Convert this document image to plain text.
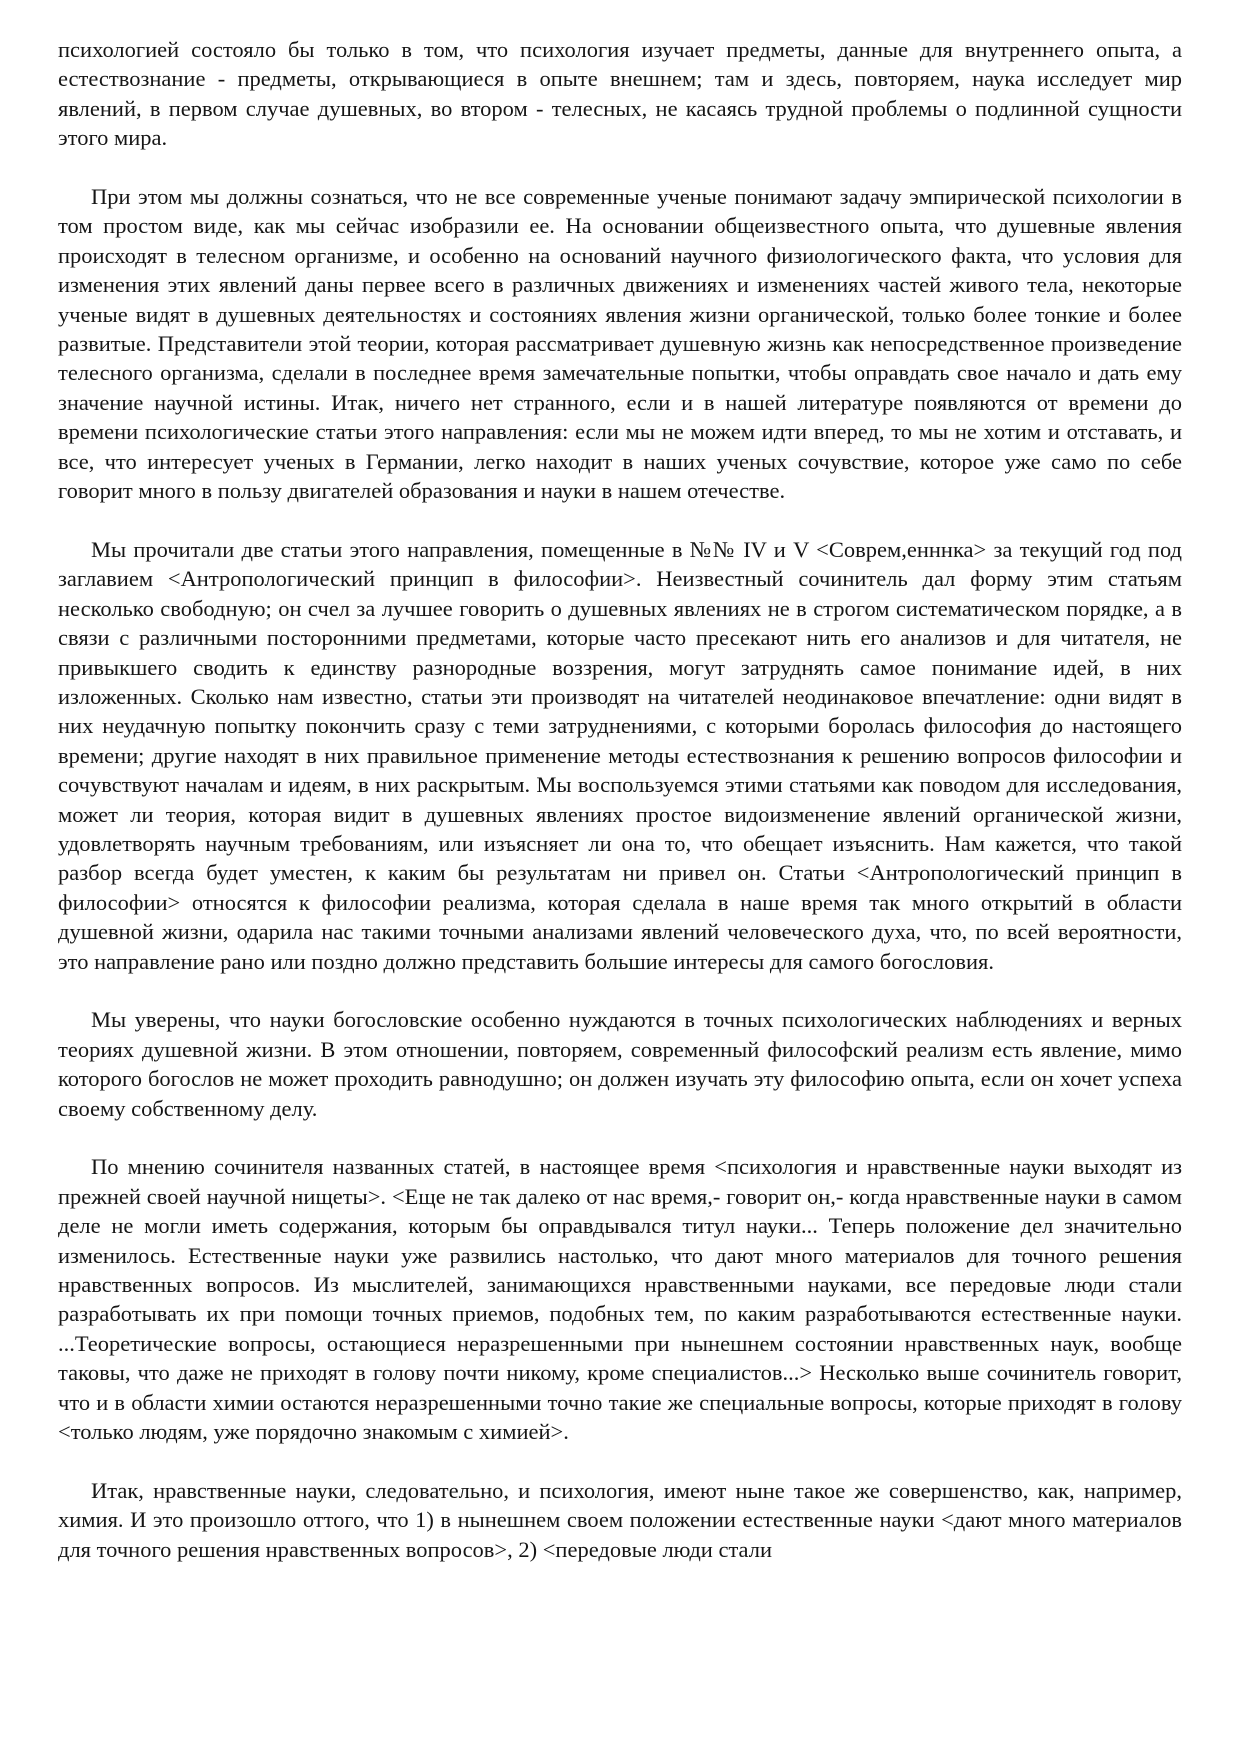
психологией состояло бы только в том, что психология изучает предметы, данные для внутреннего опыта, а естествознание - предметы, открывающиеся в опыте внешнем; там и здесь, повторяем, наука исследует мир явлений, в первом случае душевных, во втором - телесных, не касаясь трудной проблемы о подлинной сущности этого мира.

При этом мы должны сознаться, что не все современные ученые понимают задачу эмпирической психологии в том простом виде, как мы сейчас изобразили ее. На основании общеизвестного опыта, что душевные явления происходят в телесном организме, и особенно на оснований научного физиологического факта, что условия для изменения этих явлений даны первее всего в различных движениях и изменениях частей живого тела, некоторые ученые видят в душевных деятельностях и состояниях явления жизни органической, только более тонкие и более развитые. Представители этой теории, которая рассматривает душевную жизнь как непосредственное произведение телесного организма, сделали в последнее время замечательные попытки, чтобы оправдать свое начало и дать ему значение научной истины. Итак, ничего нет странного, если и в нашей литературе появляются от времени до времени психологические статьи этого направления: если мы не можем идти вперед, то мы не хотим и отставать, и все, что интересует ученых в Германии, легко находит в наших ученых сочувствие, которое уже само по себе говорит много в пользу двигателей образования и науки в нашем отечестве.

Мы прочитали две статьи этого направления, помещенные в №№ IV и V <Соврем,енннка> за текущий год под заглавием <Антропологический принцип в философии>. Неизвестный сочинитель дал форму этим статьям несколько свободную; он счел за лучшее говорить о душевных явлениях не в строгом систематическом порядке, а в связи с различными посторонними предметами, которые часто пресекают нить его анализов и для читателя, не привыкшего сводить к единству разнородные воззрения, могут затруднять самое понимание идей, в них изложенных. Сколько нам известно, статьи эти производят на читателей неодинаковое впечатление: одни видят в них неудачную попытку покончить сразу с теми затруднениями, с которыми боролась философия до настоящего времени; другие находят в них правильное применение методы естествознания к решению вопросов философии и сочувствуют началам и идеям, в них раскрытым. Мы воспользуемся этими статьями как поводом для исследования, может ли теория, которая видит в душевных явлениях простое видоизменение явлений органической жизни, удовлетворять научным требованиям, или изъясняет ли она то, что обещает изъяснить. Нам кажется, что такой разбор всегда будет уместен, к каким бы результатам ни привел он. Статьи <Антропологический принцип в философии> относятся к философии реализма, которая сделала в наше время так много открытий в области душевной жизни, одарила нас такими точными анализами явлений человеческого духа, что, по всей вероятности, это направление рано или поздно должно представить большие интересы для самого богословия.

Мы уверены, что науки богословские особенно нуждаются в точных психологических наблюдениях и верных теориях душевной жизни. В этом отношении, повторяем, современный философский реализм есть явление, мимо которого богослов не может проходить равнодушно; он должен изучать эту философию опыта, если он хочет успеха своему собственному делу.

По мнению сочинителя названных статей, в настоящее время <психология и нравственные науки выходят из прежней своей научной нищеты>. <Еще не так далеко от нас время,- говорит он,- когда нравственные науки в самом деле не могли иметь содержания, которым бы оправдывался титул науки... Теперь положение дел значительно изменилось. Естественные науки уже развились настолько, что дают много материалов для точного решения нравственных вопросов. Из мыслителей, занимающихся нравственными науками, все передовые люди стали разработывать их при помощи точных приемов, подобных тем, по каким разработываются естественные науки. ...Теоретические вопросы, остающиеся неразрешенными при нынешнем состоянии нравственных наук, вообще таковы, что даже не приходят в голову почти никому, кроме специалистов...> Несколько выше сочинитель говорит, что и в области химии остаются неразрешенными точно такие же специальные вопросы, которые приходят в голову <только людям, уже порядочно знакомым с химией>.

Итак, нравственные науки, следовательно, и психология, имеют ныне такое же совершенство, как, например, химия. И это произошло оттого, что 1) в нынешнем своем положении естественные науки <дают много материалов для точного решения нравственных вопросов>, 2) <передовые люди стали
